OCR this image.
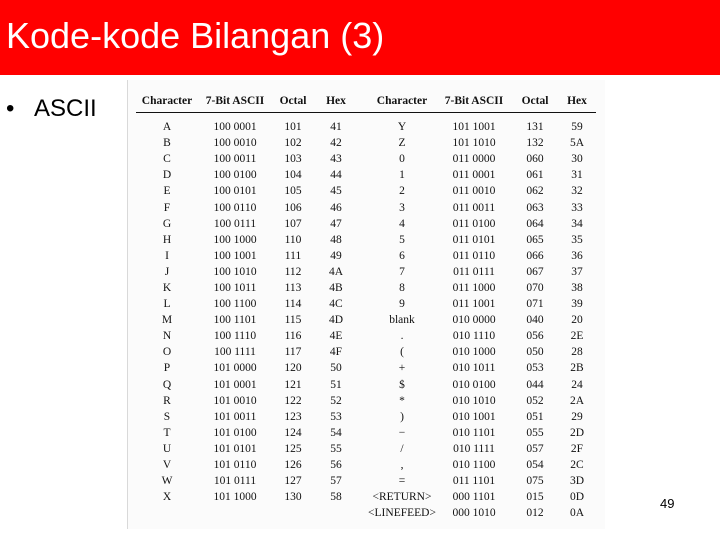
Kode-kode Bilangan (3)
• ASCII	Character	7-Bit ASCII	Octal	Hex		Character	7-Bit ASCII	Octal	Hex
A	100 0001	101	41		Y	101 1001	131	59
B	100 0010	102	42		Z	101 1010	132	5A
C	100 0011	103	43		0	011 0000	060	30
D	100 0100	104	44		1	011 0001	061	31
E	100 0101	105	45		2	011 0010	062	32
F	100 0110	106	46		3	011 0011	063	33
G	100 0111	107	47		4	011 0100	064	34
H	100 1000	110	48		5	011 0101	065	35
I	100 1001	111	49		6	011 0110	066	36
J	100 1010	112	4A		7	011 0111	067	37
K	100 1011	113	4B		8	011 1000	070	38
L	100 1100	114	4C		9	011 1001	071	39
M	100 1101	115	4D		blank	010 0000	040	20
N	100 1110	116	4E		.	010 1110	056	2E
O	100 1111	117	4F		(	010 1000	050	28
P	101 0000	120	50		+	010 1011	053	2B
Q	101 0001	121	51		$	010 0100	044	24
R	101 0010	122	52		*	010 1010	052	2A
S	101 0011	123	53		)	010 1001	051	29
T	101 0100	124	54		−	010 1101	055	2D
U	101 0101	125	55		/	010 1111	057	2F
V	101 0110	126	56		,	010 1100	054	2C
W	101 0111	127	57		=	011 1101	075	3D
X	101 1000	130	58		<RETURN>	000 1101	015	0D
					<LINEFEED>	000 1010	012	0A
49
